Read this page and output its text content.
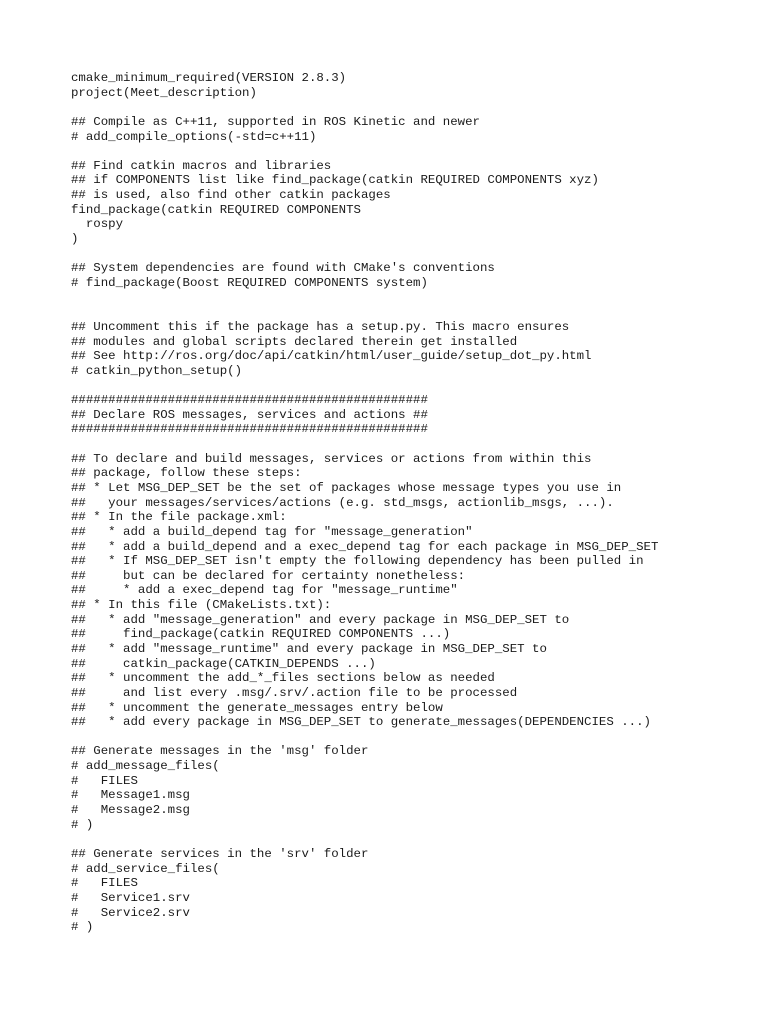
cmake_minimum_required(VERSION 2.8.3)
project(Meet_description)
## Compile as C++11, supported in ROS Kinetic and newer
# add_compile_options(-std=c++11)
## Find catkin macros and libraries
## if COMPONENTS list like find_package(catkin REQUIRED COMPONENTS xyz)
## is used, also find other catkin packages
find_package(catkin REQUIRED COMPONENTS
rospy
)
## System dependencies are found with CMake's conventions
# find_package(Boost REQUIRED COMPONENTS system)
## Uncomment this if the package has a setup.py. This macro ensures
## modules and global scripts declared therein get installed
## See http://ros.org/doc/api/catkin/html/user_guide/setup_dot_py.html
# catkin_python_setup()
################################################
## Declare ROS messages, services and actions ##
################################################
## To declare and build messages, services or actions from within this
## package, follow these steps:
## * Let MSG_DEP_SET be the set of packages whose message types you use in
##   your messages/services/actions (e.g. std_msgs, actionlib_msgs, ...).
## * In the file package.xml:
##   * add a build_depend tag for "message_generation"
##   * add a build_depend and a exec_depend tag for each package in MSG_DEP_SET
##   * If MSG_DEP_SET isn't empty the following dependency has been pulled in
##     but can be declared for certainty nonetheless:
##     * add a exec_depend tag for "message_runtime"
## * In this file (CMakeLists.txt):
##   * add "message_generation" and every package in MSG_DEP_SET to
##     find_package(catkin REQUIRED COMPONENTS ...)
##   * add "message_runtime" and every package in MSG_DEP_SET to
##     catkin_package(CATKIN_DEPENDS ...)
##   * uncomment the add_*_files sections below as needed
##     and list every .msg/.srv/.action file to be processed
##   * uncomment the generate_messages entry below
##   * add every package in MSG_DEP_SET to generate_messages(DEPENDENCIES ...)
## Generate messages in the 'msg' folder
# add_message_files(
#   FILES
#   Message1.msg
#   Message2.msg
# )
## Generate services in the 'srv' folder
# add_service_files(
#   FILES
#   Service1.srv
#   Service2.srv
# )
